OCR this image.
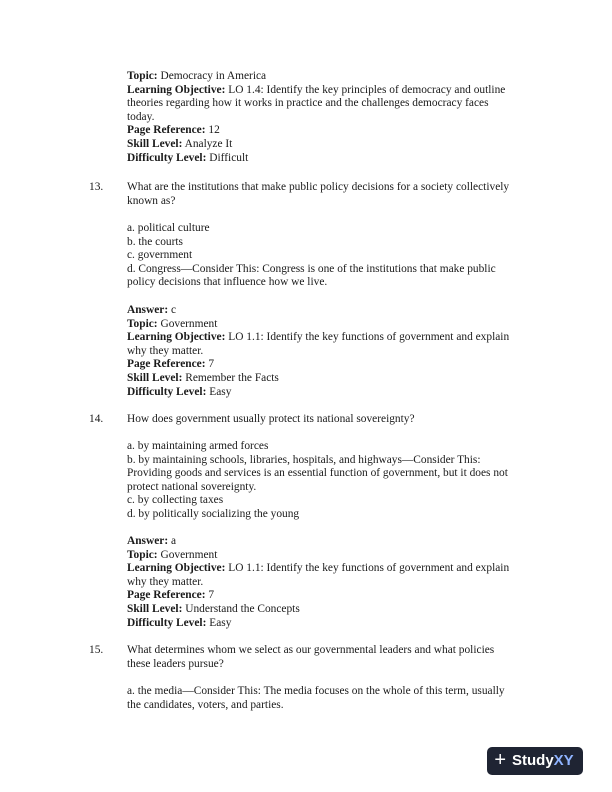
Topic: Democracy in America
Learning Objective: LO 1.4: Identify the key principles of democracy and outline
theories regarding how it works in practice and the challenges democracy faces
today.
Page Reference: 12
Skill Level: Analyze It
Difficulty Level: Difficult
13. What are the institutions that make public policy decisions for a society collectively
known as?
a. political culture
b. the courts
c. government
d. Congress—Consider This: Congress is one of the institutions that make public
policy decisions that influence how we live.
Answer: c
Topic: Government
Learning Objective: LO 1.1: Identify the key functions of government and explain
why they matter.
Page Reference: 7
Skill Level: Remember the Facts
Difficulty Level: Easy
14. How does government usually protect its national sovereignty?
a. by maintaining armed forces
b. by maintaining schools, libraries, hospitals, and highways—Consider This:
Providing goods and services is an essential function of government, but it does not
protect national sovereignty.
c. by collecting taxes
d. by politically socializing the young
Answer: a
Topic: Government
Learning Objective: LO 1.1: Identify the key functions of government and explain
why they matter.
Page Reference: 7
Skill Level: Understand the Concepts
Difficulty Level: Easy
15. What determines whom we select as our governmental leaders and what policies
these leaders pursue?
a. the media—Consider This: The media focuses on the whole of this term, usually
the candidates, voters, and parties.
+ StudyXY
